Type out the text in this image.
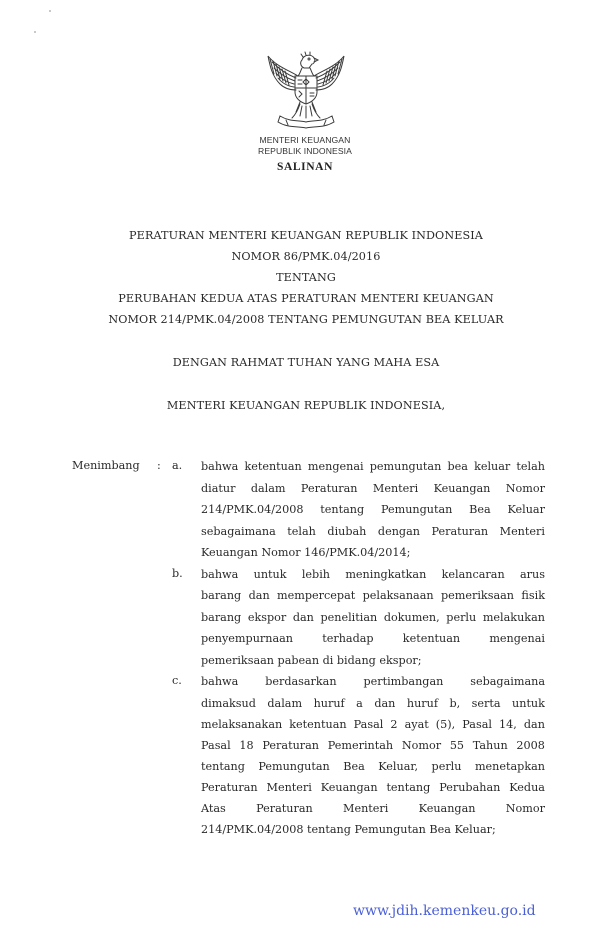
MENTERI KEUANGAN
REPUBLIK INDONESIA
SALINAN
PERATURAN MENTERI KEUANGAN REPUBLIK INDONESIA
NOMOR 86/PMK.04/2016
TENTANG
PERUBAHAN KEDUA ATAS PERATURAN MENTERI KEUANGAN
NOMOR 214/PMK.04/2008 TENTANG PEMUNGUTAN BEA KELUAR
DENGAN RAHMAT TUHAN YANG MAHA ESA
MENTERI KEUANGAN REPUBLIK INDONESIA,
Menimbang : a. bahwa ketentuan mengenai pemungutan bea keluar telah
diatur dalam Peraturan Menteri Keuangan Nomor
214/PMK.04/2008 tentang Pemungutan Bea Keluar
sebagaimana telah diubah dengan Peraturan Menteri
Keuangan Nomor 146/PMK.04/2014;
b. bahwa untuk lebih meningkatkan kelancaran arus
barang dan mempercepat pelaksanaan pemeriksaan fisik
barang ekspor dan penelitian dokumen, perlu melakukan
penyempurnaan	terhadap	ketentuan	mengenai
pemeriksaan pabean di bidang ekspor;
c. bahwa berdasarkan pertimbangan sebagaimana
dimaksud dalam huruf a dan huruf b, serta untuk
melaksanakan ketentuan Pasal 2 ayat (5), Pasal 14, dan
Pasal 18 Peraturan Pemerintah Nomor 55 Tahun 2008
tentang Pemungutan Bea Keluar, perlu menetapkan
Peraturan Menteri Keuangan tentang Perubahan Kedua
Atas	Peraturan	Menteri	Keuangan	Nomor
214/PMK.04/2008 tentang Pemungutan Bea Keluar;
www.jdih.kemenkeu.go.id
